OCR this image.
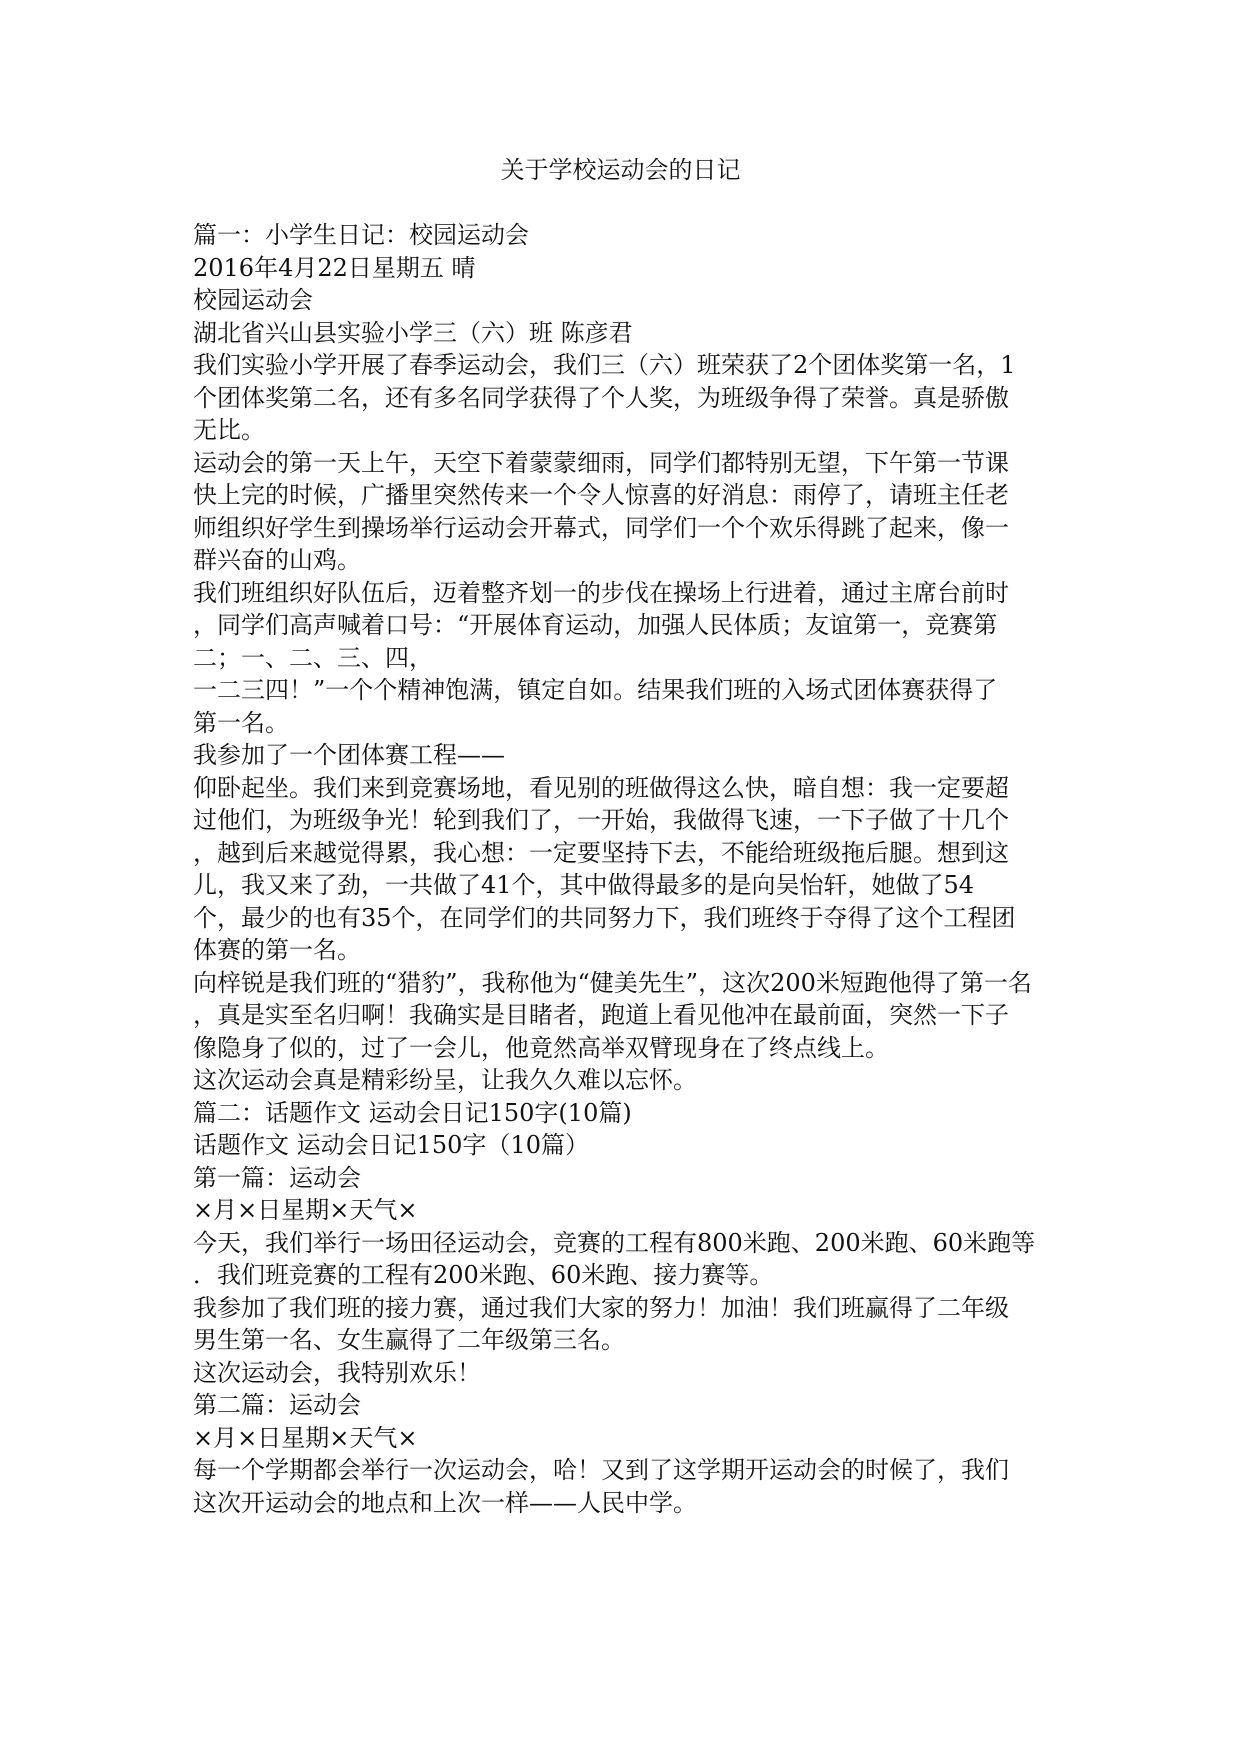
关于学校运动会的日记

篇一：小学生日记：校园运动会

2016年4月22日星期五 晴

校园运动会

湖北省兴山县实验小学三（六）班 陈彦君

我们实验小学开展了春季运动会，我们三（六）班荣获了2个团体奖第一名，1

个团体奖第二名，还有多名同学获得了个人奖，为班级争得了荣誉。真是骄傲

无比。

运动会的第一天上午，天空下着蒙蒙细雨，同学们都特别无望，下午第一节课

快上完的时候，广播里突然传来一个令人惊喜的好消息：雨停了，请班主任老

师组织好学生到操场举行运动会开幕式，同学们一个个欢乐得跳了起来，像一

群兴奋的山鸡。

我们班组织好队伍后，迈着整齐划一的步伐在操场上行进着，通过主席台前时

，同学们高声喊着口号：“开展体育运动，加强人民体质；友谊第一，竞赛第

二；一、二、三、四，

一二三四！”一个个精神饱满，镇定自如。结果我们班的入场式团体赛获得了

第一名。

我参加了一个团体赛工程——

仰卧起坐。我们来到竞赛场地，看见别的班做得这么快，暗自想：我一定要超

过他们，为班级争光！轮到我们了，一开始，我做得飞速，一下子做了十几个

，越到后来越觉得累，我心想：一定要坚持下去，不能给班级拖后腿。想到这

儿，我又来了劲，一共做了41个，其中做得最多的是向吴怡轩，她做了54

个，最少的也有35个，在同学们的共同努力下，我们班终于夺得了这个工程团

体赛的第一名。

向梓锐是我们班的“猎豹”，我称他为“健美先生”，这次200米短跑他得了第一名

，真是实至名归啊！我确实是目睹者，跑道上看见他冲在最前面，突然一下子

像隐身了似的，过了一会儿，他竟然高举双臂现身在了终点线上。

这次运动会真是精彩纷呈，让我久久难以忘怀。

篇二：话题作文 运动会日记150字(10篇)

话题作文 运动会日记150字（10篇）

第一篇：运动会

×月×日星期×天气×

今天，我们举行一场田径运动会，竞赛的工程有800米跑、200米跑、60米跑等

．我们班竞赛的工程有200米跑、60米跑、接力赛等。

我参加了我们班的接力赛，通过我们大家的努力！加油！我们班赢得了二年级

男生第一名、女生赢得了二年级第三名。

这次运动会，我特别欢乐！

第二篇：运动会

×月×日星期×天气×

每一个学期都会举行一次运动会，哈！又到了这学期开运动会的时候了，我们

这次开运动会的地点和上次一样——人民中学。
